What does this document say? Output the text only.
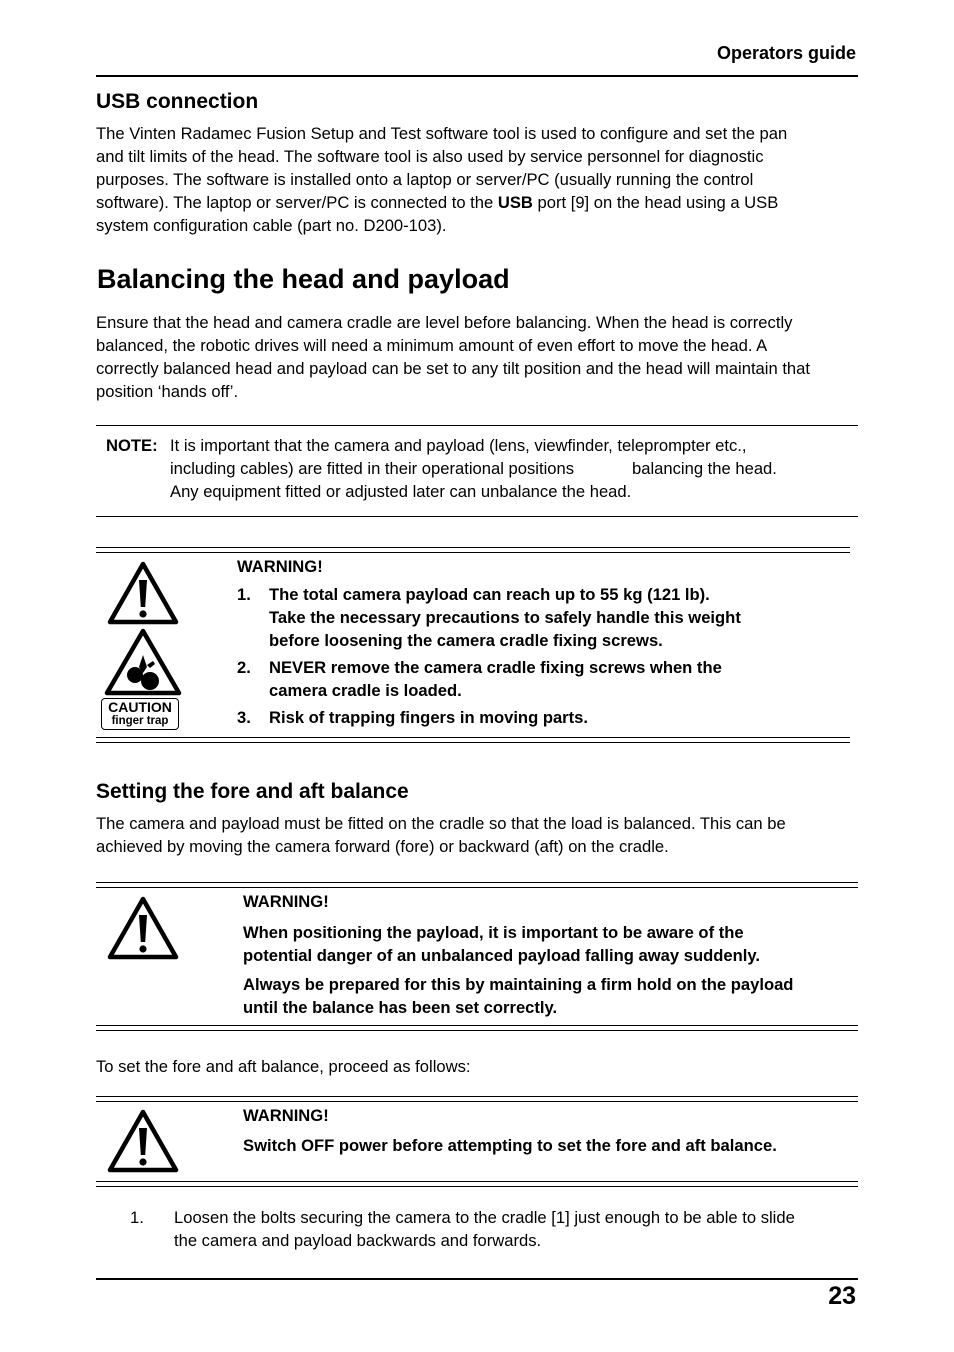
Operators guide
USB connection
The Vinten Radamec Fusion Setup and Test software tool is used to configure and set the pan
and tilt limits of the head. The software tool is also used by service personnel for diagnostic
purposes. The software is installed onto a laptop or server/PC (usually running the control
software). The laptop or server/PC is connected to the USB port [9] on the head using a USB
system configuration cable (part no. D200-103).
Balancing the head and payload
Ensure that the head and camera cradle are level before balancing. When the head is correctly
balanced, the robotic drives will need a minimum amount of even effort to move the head. A
correctly balanced head and payload can be set to any tilt position and the head will maintain that
position ‘hands off’.
NOTE: It is important that the camera and payload (lens, viewfinder, teleprompter etc.,
including cables) are fitted in their operational positions	balancing the head.
Any equipment fitted or adjusted later can unbalance the head.
CAUTION
finger trap
WARNING!
1. The total camera payload can reach up to 55 kg (121 lb).
Take the necessary precautions to safely handle this weight
before loosening the camera cradle fixing screws.
2. NEVER remove the camera cradle fixing screws when the
camera cradle is loaded.
3. Risk of trapping fingers in moving parts.
Setting the fore and aft balance
The camera and payload must be fitted on the cradle so that the load is balanced. This can be
achieved by moving the camera forward (fore) or backward (aft) on the cradle.
WARNING!
When positioning the payload, it is important to be aware of the
potential danger of an unbalanced payload falling away suddenly.
Always be prepared for this by maintaining a firm hold on the payload
until the balance has been set correctly.
To set the fore and aft balance, proceed as follows:
WARNING!
Switch OFF power before attempting to set the fore and aft balance.
1. Loosen the bolts securing the camera to the cradle [1] just enough to be able to slide
the camera and payload backwards and forwards.
23
